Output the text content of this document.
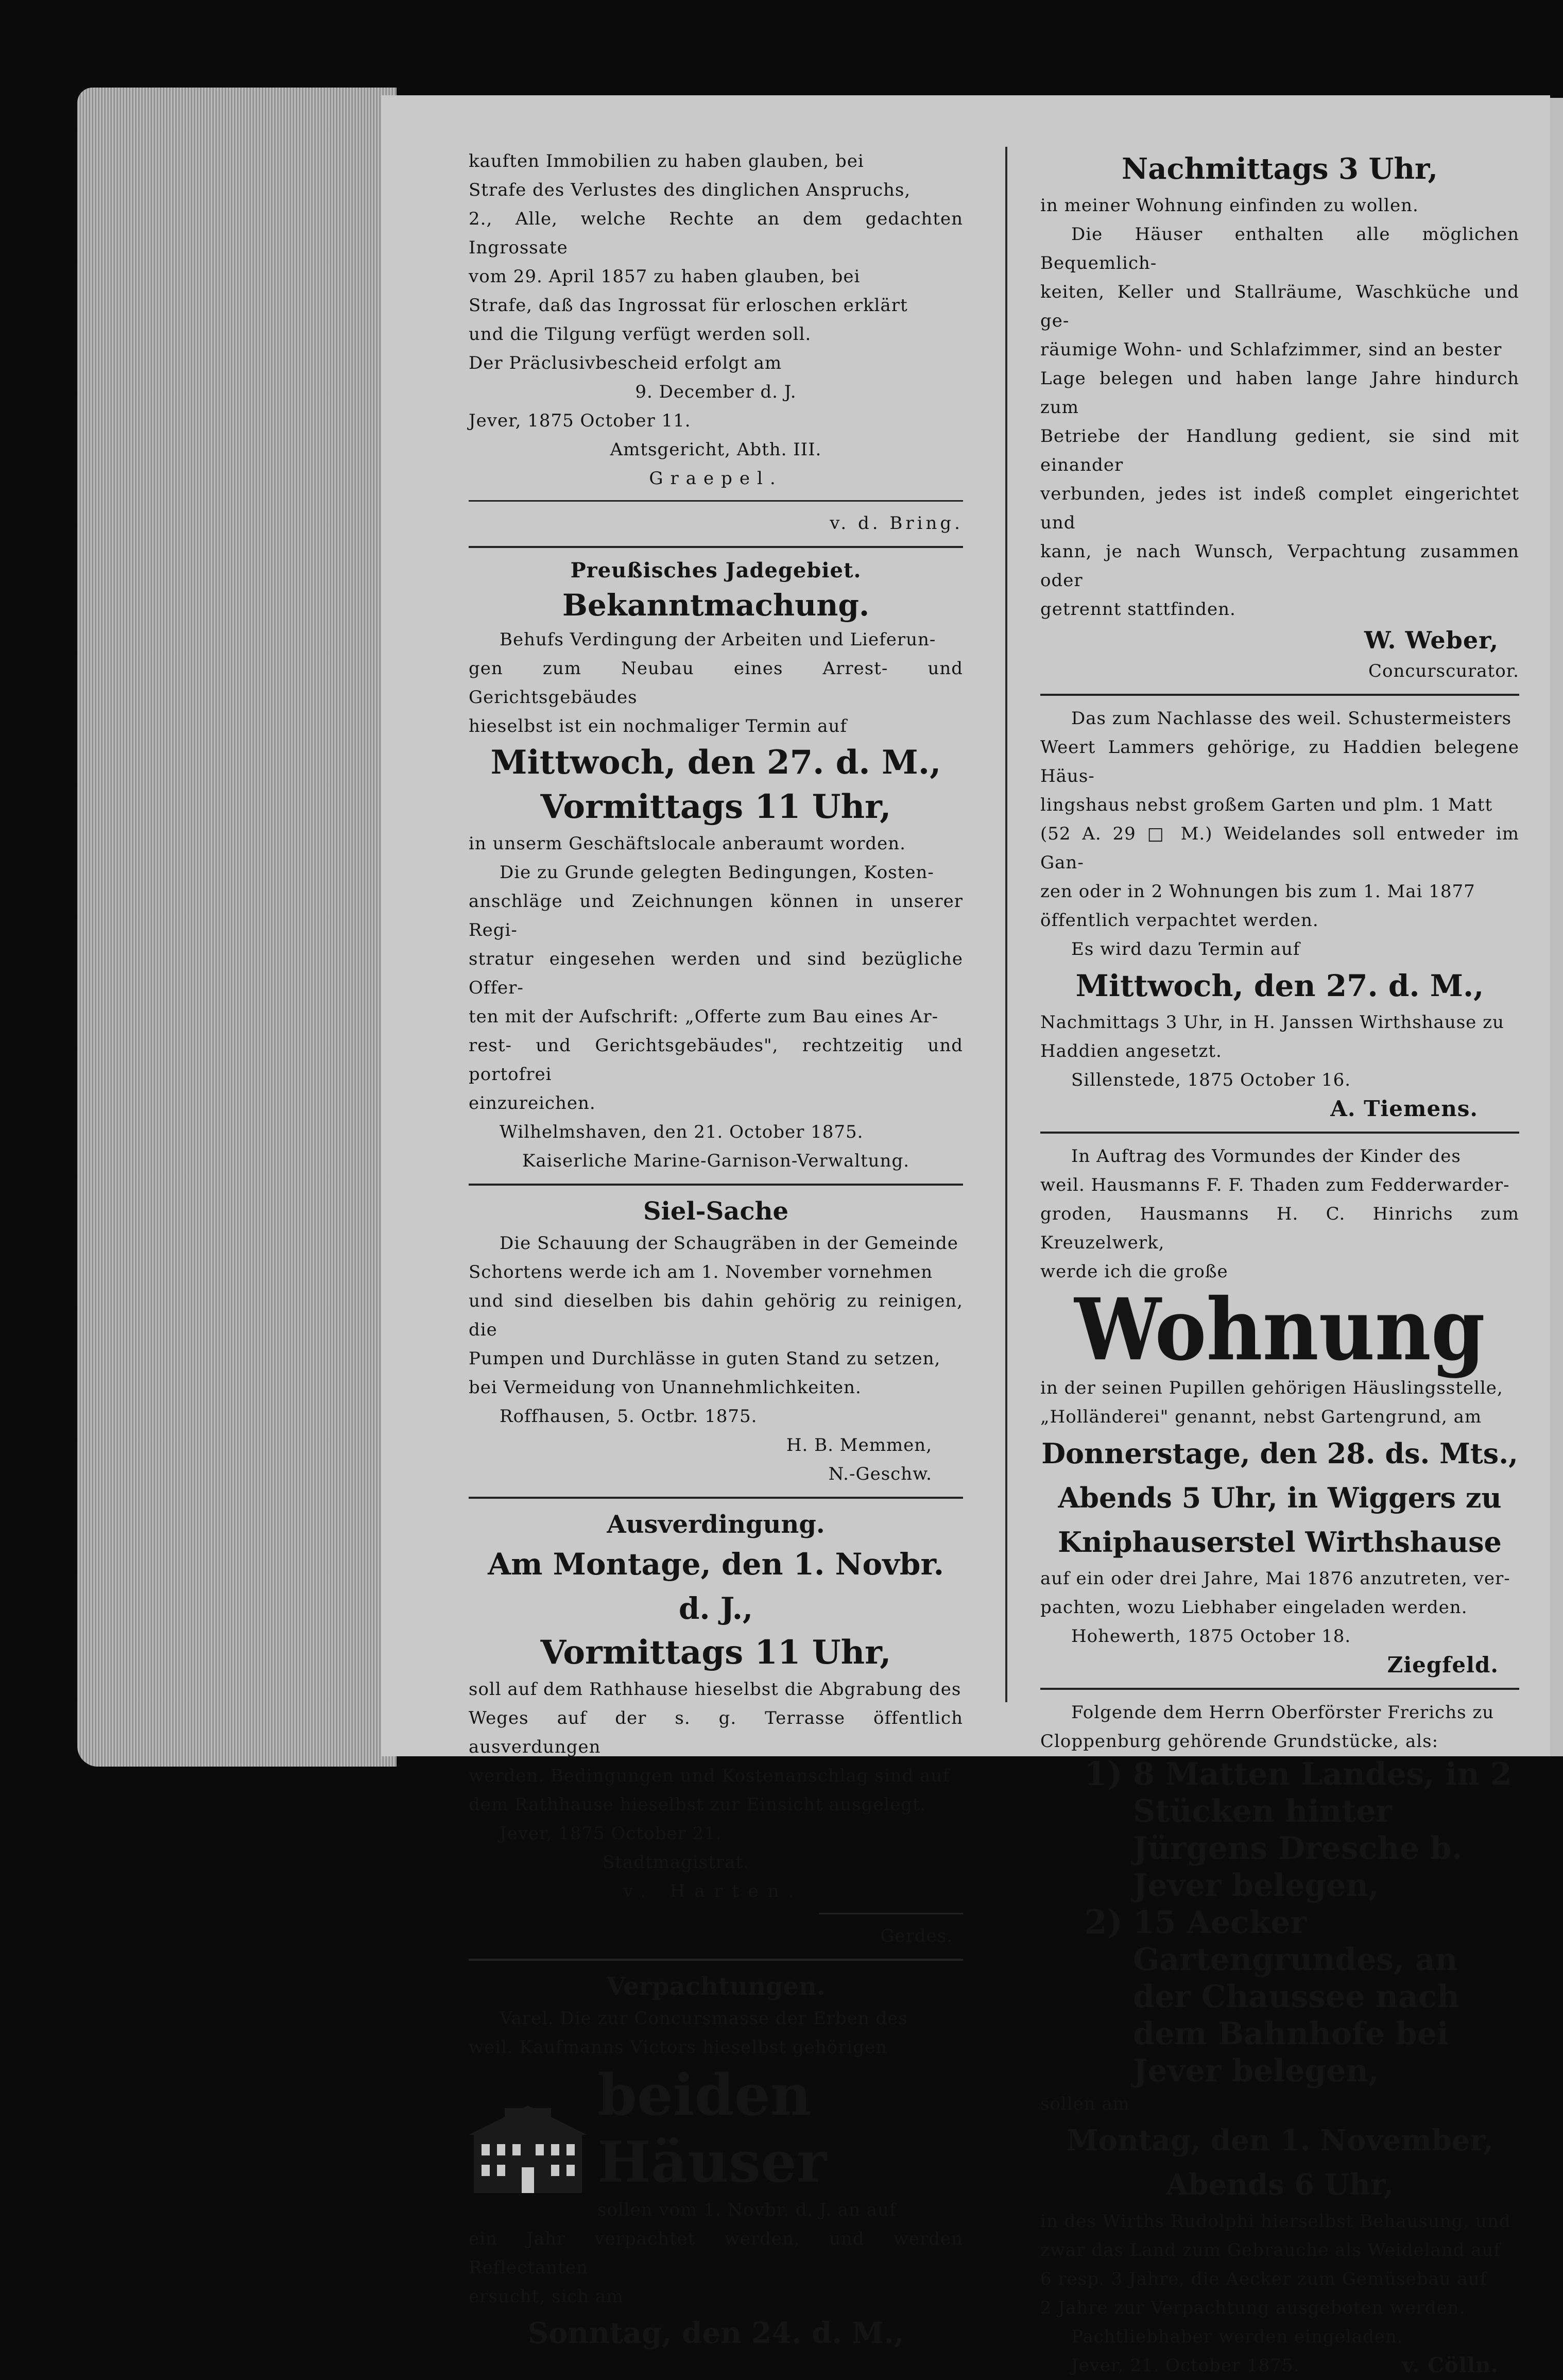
kauften Immobilien zu haben glauben, bei

Strafe des Verlustes des dinglichen Anspruchs,

2., Alle, welche Rechte an dem gedachten Ingrossate

vom 29. April 1857 zu haben glauben, bei

Strafe, daß das Ingrossat für erloschen erklärt

und die Tilgung verfügt werden soll.

Der Präclusivbescheid erfolgt am

9. December d. J.

Jever, 1875 October 11.

Amtsgericht, Abth. III.

Graepel.

v. d. Bring.

Preußisches Jadegebiet.

Bekanntmachung.

Behufs Verdingung der Arbeiten und Lieferun-

gen zum Neubau eines Arrest- und Gerichtsgebäudes

hieselbst ist ein nochmaliger Termin auf

Mittwoch, den 27. d. M.,

Vormittags 11 Uhr,

in unserm Geschäftslocale anberaumt worden.

Die zu Grunde gelegten Bedingungen, Kosten-

anschläge und Zeichnungen können in unserer Regi-

stratur eingesehen werden und sind bezügliche Offer-

ten mit der Aufschrift: „Offerte zum Bau eines Ar-

rest- und Gerichtsgebäudes", rechtzeitig und portofrei

einzureichen.

Wilhelmshaven, den 21. October 1875.

Kaiserliche Marine-Garnison-Verwaltung.

Siel-Sache

Die Schauung der Schaugräben in der Gemeinde

Schortens werde ich am 1. November vornehmen

und sind dieselben bis dahin gehörig zu reinigen, die

Pumpen und Durchlässe in guten Stand zu setzen,

bei Vermeidung von Unannehmlichkeiten.

Roffhausen, 5. Octbr. 1875.

H. B. Memmen,

N.-Geschw.

Ausverdingung.

Am Montage, den 1. Novbr. d. J.,

Vormittags 11 Uhr,

soll auf dem Rathhause hieselbst die Abgrabung des

Weges auf der s. g. Terrasse öffentlich ausverdungen

werden. Bedingungen und Kostenanschlag sind auf

dem Rathhause hieselbst zur Einsicht ausgelegt.

Jever, 1875 October 21.

Stadtmagistrat.

v. Harten.

Gerdes.

Verpachtungen.

Varel. Die zur Concursmasse der Erben des

weil. Kaufmanns Victors hieselbst gehörigen

beiden Häuser

sollen vom 1. Novbr. d. J. an auf

ein Jahr verpachtet werden, und werden Reflectanten

ersucht, sich am

Sonntag, den 24. d. M.,

Nachmittags 3 Uhr,

in meiner Wohnung einfinden zu wollen.

Die Häuser enthalten alle möglichen Bequemlich-

keiten, Keller und Stallräume, Waschküche und ge-

räumige Wohn- und Schlafzimmer, sind an bester

Lage belegen und haben lange Jahre hindurch zum

Betriebe der Handlung gedient, sie sind mit einander

verbunden, jedes ist indeß complet eingerichtet und

kann, je nach Wunsch, Verpachtung zusammen oder

getrennt stattfinden.

W. Weber,

Concurscurator.

Das zum Nachlasse des weil. Schustermeisters

Weert Lammers gehörige, zu Haddien belegene Häus-

lingshaus nebst großem Garten und plm. 1 Matt

(52 A. 29 □ M.) Weidelandes soll entweder im Gan-

zen oder in 2 Wohnungen bis zum 1. Mai 1877

öffentlich verpachtet werden.

Es wird dazu Termin auf

Mittwoch, den 27. d. M.,

Nachmittags 3 Uhr, in H. Janssen Wirthshause zu

Haddien angesetzt.

Sillenstede, 1875 October 16.

A. Tiemens.

In Auftrag des Vormundes der Kinder des

weil. Hausmanns F. F. Thaden zum Fedderwarder-

groden, Hausmanns H. C. Hinrichs zum Kreuzelwerk,

werde ich die große

Wohnung

in der seinen Pupillen gehörigen Häuslingsstelle,

„Holländerei" genannt, nebst Gartengrund, am

Donnerstage, den 28. ds. Mts.,

Abends 5 Uhr, in Wiggers zu

Kniphauserstel Wirthshause

auf ein oder drei Jahre, Mai 1876 anzutreten, ver-

pachten, wozu Liebhaber eingeladen werden.

Hohewerth, 1875 October 18.

Ziegfeld.

Folgende dem Herrn Oberförster Frerichs zu

Cloppenburg gehörende Grundstücke, als:

1) 8 Matten Landes, in 2 Stücken hinter Jürgens Dresche b. Jever belegen,
2) 15 Aecker Gartengrundes, an der Chaussee nach dem Bahnhofe bei Jever belegen,

sollen am

Montag, den 1. November,

Abends 6 Uhr,

in des Wirths Rudolphi hierselbst Behausung, und

zwar das Land zum Gebrauche als Weideland auf

6 resp. 3 Jahre, die Aecker zum Gemüsebau auf

2 Jahre zur Verpachtung ausgeboten werden.

Pachtliebhaber werden eingeladen.

Jever, 21. October 1875.	v. Cölln.
